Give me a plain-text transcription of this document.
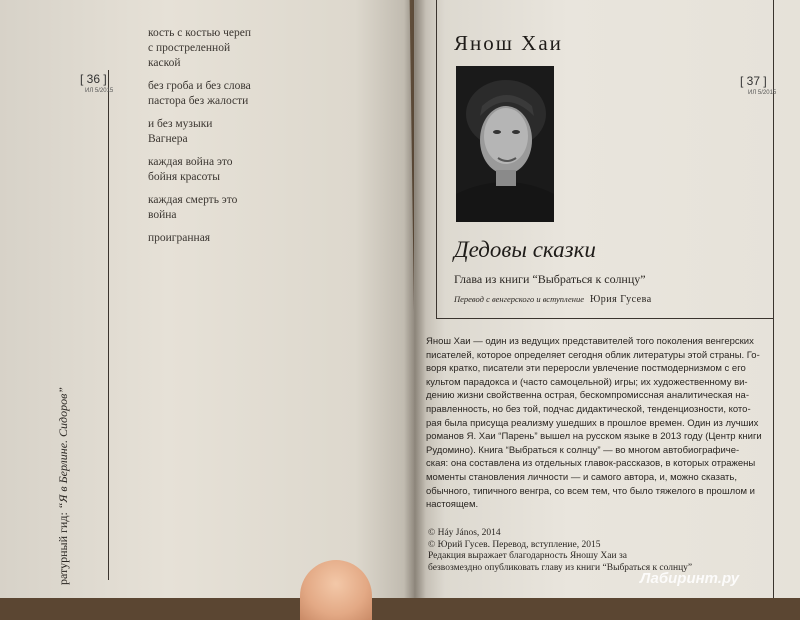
[ 36 ]
ИЛ 5/2015
кость с костью череп
с простреленной
каской
без гроба и без слова
пастора без жалости
и без музыки
Вагнера
каждая война это
бойня красоты
каждая смерть это
война
проигранная
ратурный гид: “Я в Берлине. Сидоров”
[ 37 ]
ИЛ 5/2015
Янош Хаи
Дедовы сказки
Глава из книги “Выбраться к солнцу”
Перевод с венгерского и вступление Юрия Гусева
Янош Хаи — один из ведущих представителей того поколения венгерских
писателей, которое определяет сегодня облик литературы этой страны. Го-
воря кратко, писатели эти переросли увлечение постмодернизмом с его
культом парадокса и (часто самоцельной) игры; их художественному ви-
дению жизни свойственна острая, бескомпромиссная аналитическая на-
правленность, но без той, подчас дидактической, тенденциозности, кото-
рая была присуща реализму ушедших в прошлое времен. Один из лучших
романов Я. Хаи “Парень” вышел на русском языке в 2013 году (Центр книги
Рудомино). Книга “Выбраться к солнцу” — во многом автобиографиче-
ская: она составлена из отдельных главок-рассказов, в которых отражены
моменты становления личности — и самого автора, и, можно сказать,
обычного, типичного венгра, со всем тем, что было тяжелого в прошлом и
настоящем.
© Háy János, 2014
© Юрий Гусев. Перевод, вступление, 2015
Редакция выражает благодарность Яношу Хаи за
безвозмездно опубликовать главу из книги “Выбраться к солнцу”
Лабиринт.ру
